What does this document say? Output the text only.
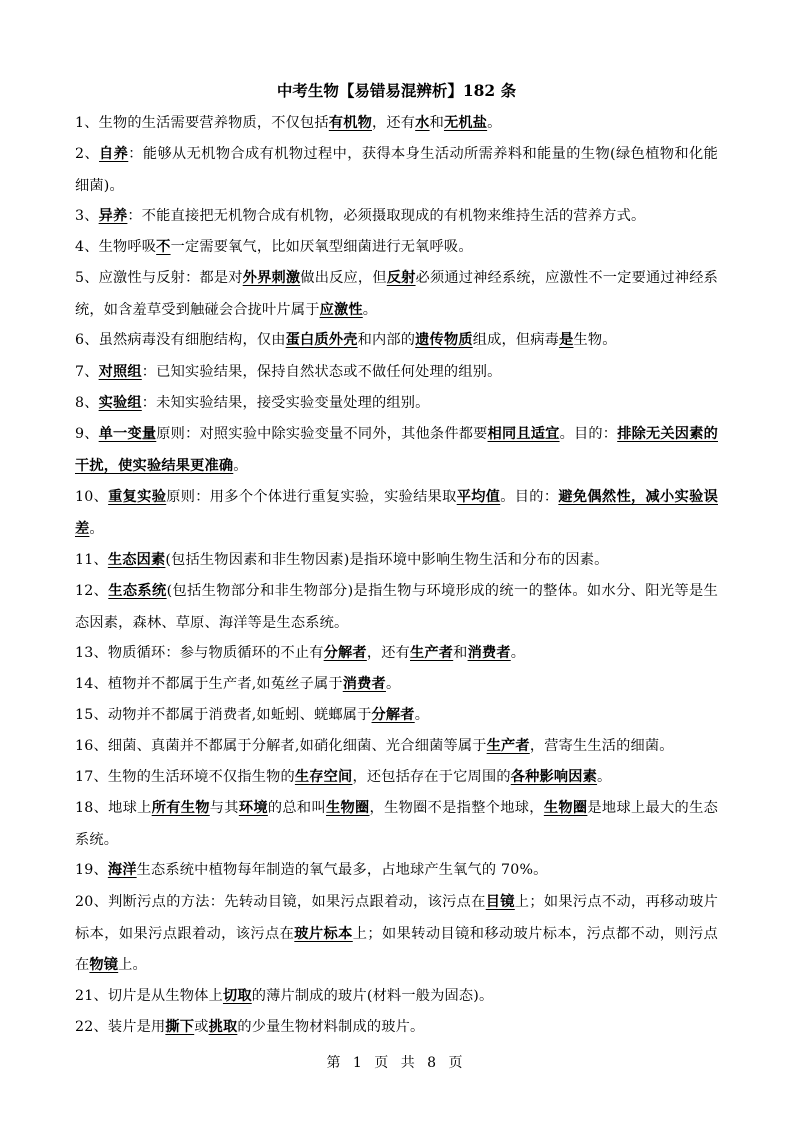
中考生物【易错易混辨析】182 条
1、生物的生活需要营养物质，不仅包括有机物，还有水和无机盐。
2、自养：能够从无机物合成有机物过程中，获得本身生活动所需养料和能量的生物(绿色植物和化能细菌)。
3、异养：不能直接把无机物合成有机物，必须摄取现成的有机物来维持生活的营养方式。
4、生物呼吸不一定需要氧气，比如厌氧型细菌进行无氧呼吸。
5、应激性与反射：都是对外界刺激做出反应，但反射必须通过神经系统，应激性不一定要通过神经系统，如含羞草受到触碰会合拢叶片属于应激性。
6、虽然病毒没有细胞结构，仅由蛋白质外壳和内部的遗传物质组成，但病毒是生物。
7、对照组：已知实验结果，保持自然状态或不做任何处理的组别。
8、实验组：未知实验结果，接受实验变量处理的组别。
9、单一变量原则：对照实验中除实验变量不同外，其他条件都要相同且适宜。目的：排除无关因素的干扰，使实验结果更准确。
10、重复实验原则：用多个个体进行重复实验，实验结果取平均值。目的：避免偶然性，减小实验误差。
11、生态因素(包括生物因素和非生物因素)是指环境中影响生物生活和分布的因素。
12、生态系统(包括生物部分和非生物部分)是指生物与环境形成的统一的整体。如水分、阳光等是生态因素，森林、草原、海洋等是生态系统。
13、物质循环：参与物质循环的不止有分解者，还有生产者和消费者。
14、植物并不都属于生产者,如菟丝子属于消费者。
15、动物并不都属于消费者,如蚯蚓、蜣螂属于分解者。
16、细菌、真菌并不都属于分解者,如硝化细菌、光合细菌等属于生产者，营寄生生活的细菌。
17、生物的生活环境不仅指生物的生存空间，还包括存在于它周围的各种影响因素。
18、地球上所有生物与其环境的总和叫生物圈，生物圈不是指整个地球，生物圈是地球上最大的生态系统。
19、海洋生态系统中植物每年制造的氧气最多，占地球产生氧气的 70%。
20、判断污点的方法：先转动目镜，如果污点跟着动，该污点在目镜上；如果污点不动，再移动玻片标本，如果污点跟着动，该污点在玻片标本上；如果转动目镜和移动玻片标本，污点都不动，则污点在物镜上。
21、切片是从生物体上切取的薄片制成的玻片(材料一般为固态)。
22、装片是用撕下或挑取的少量生物材料制成的玻片。
第 1 页 共 8 页
